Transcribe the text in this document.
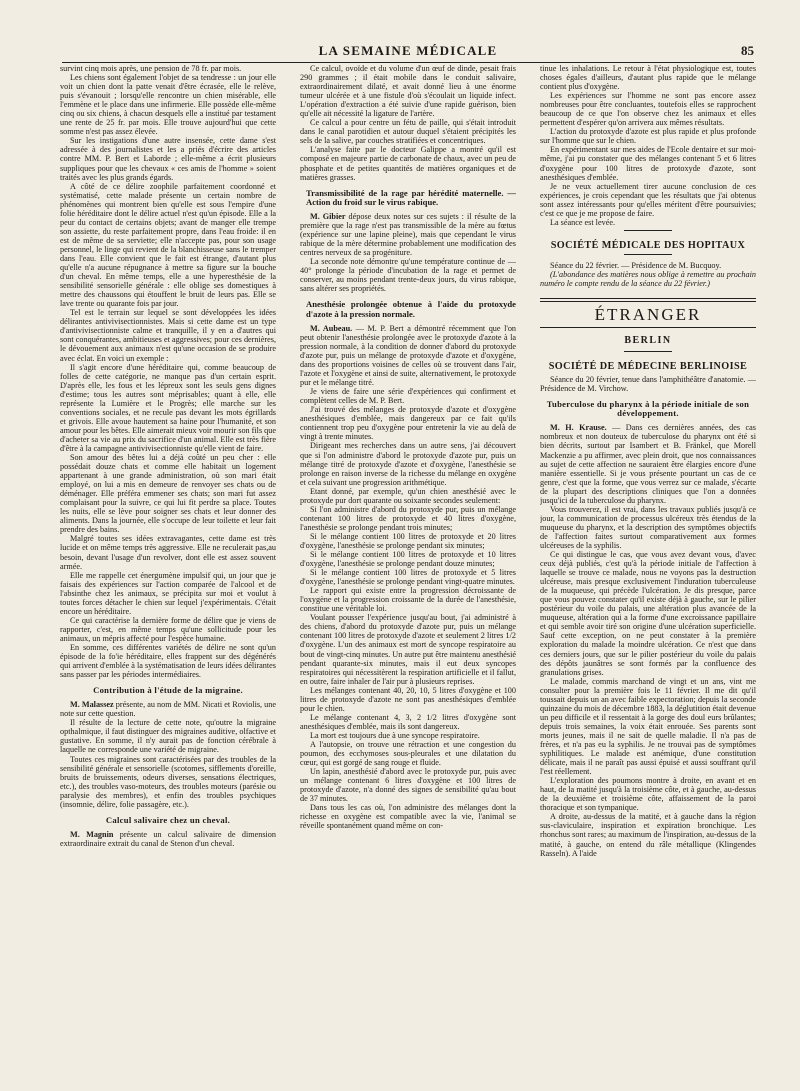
LA SEMAINE MÉDICALE	85

survint cinq mois après, une pension de 78 fr. par mois.

Les chiens sont également l'objet de sa tendresse : un jour elle voit un chien dont la patte venait d'être écrasée, elle le relève, puis s'évanouit ; lorsqu'elle rencontre un chien misérable, elle l'emmène et le place dans une infirmerie. Elle possède elle-même cinq ou six chiens, à chacun desquels elle a institué par testament une rente de 25 fr. par mois. Elle trouve aujourd'hui que cette somme n'est pas assez élevée.

Sur les instigations d'une autre insensée, cette dame s'est adressée à des journalistes et les a priés d'écrire des articles contre MM. P. Bert et Laborde ; elle-même a écrit plusieurs suppliques pour que les chevaux « ces amis de l'homme » soient traités avec les plus grands égards.

A côté de ce délire zoophile parfaitement coordonné et systématisé, cette malade présente un certain nombre de phénomènes qui montrent bien qu'elle est sous l'empire d'une folie héréditaire dont le délire actuel n'est qu'un épisode. Elle a la peur du contact de certains objets; avant de manger elle trempe son assiette, du reste parfaitement propre, dans l'eau froide: il en est de même de sa serviette; elle n'accepte pas, pour son usage personnel, le linge qui revient de la blanchisseuse sans le tremper dans l'eau. Elle convient que le fait est étrange, d'autant plus qu'elle n'a aucune répugnance à mettre sa figure sur la bouche d'un cheval. En même temps, elle a une hyperesthésie de la sensibilité sensorielle générale : elle oblige ses domestiques à mettre des chaussons qui étouffent le bruit de leurs pas. Elle se lave trente ou quarante fois par jour.

Tel est le terrain sur lequel se sont développées les idées délirantes antivivisectionnistes. Mais si cette dame est un type d'antivivisectionniste calme et tranquille, il y en a d'autres qui sont conquérantes, ambitieuses et aggressives; pour ces dernières, le dévouement aux animaux n'est qu'une occasion de se produire avec éclat. En voici un exemple :

Il s'agit encore d'une héréditaire qui, comme beaucoup de folles de cette catégorie, ne manque pas d'un certain esprit. D'après elle, les fous et les lépreux sont les seuls gens dignes d'estime; tous les autres sont méprisables; quant à elle, elle représente la Lumière et le Progrès; elle marche sur les conventions sociales, et ne recule pas devant les mots égrillards et grivois. Elle avoue hautement sa haine pour l'humanité, et son amour pour les bêtes. Elle aimerait mieux voir mourir son fils que d'acheter sa vie au prix du sacrifice d'un animal. Elle est très fière d'être à la campagne antivivisectionniste qu'elle vient de faire.

Son amour des bêtes lui a déjà coûté un peu cher : elle possédait douze chats et comme elle habitait un logement appartenant à une grande administration, où son mari était employé, on lui a mis en demeure de renvoyer ses chats ou de déménager. Elle préféra emmener ses chats; son mari fut assez complaisant pour la suivre, ce qui lui fit perdre sa place. Toutes les nuits, elle se lève pour soigner ses chats et leur donner des aliments. Dans la journée, elle s'occupe de leur toilette et leur fait prendre des bains.

Malgré toutes ses idées extravagantes, cette dame est très lucide et on même temps très aggressive. Elle ne reculerait pas,au besoin, devant l'usage d'un revolver, dont elle est assez souvent armée.

Elle me rappelle cet énergumène impulsif qui, un jour que je faisais des expériences sur l'action comparée de l'alcool et de l'absinthe chez les animaux, se précipita sur moi et voulut à toutes forces détacher le chien sur lequel j'expérimentais. C'était encore un héréditaire.

Ce qui caractérise la dernière forme de délire que je viens de rapporter, c'est, en même temps qu'une sollicitude pour les animaux, un mépris affecté pour l'espèce humaine.

En somme, ces différentes variétés de délire ne sont qu'un épisode de la fo'ie héréditaire, elles frappent sur des dégénérés qui arrivent d'emblée à la systématisation de leurs idées délirantes sans passer par les périodes intermédiaires.

Contribution à l'étude de la migraine.

M. Malassez présente, au nom de MM. Nicati et Roviolis, une note sur cette question.

Il résulte de la lecture de cette note, qu'outre la migraine opthalmique, il faut distinguer des migraines auditive, olfactive et gustative. En somme, il n'y aurait pas de fonction cérébrale à laquelle ne corresponde une variété de migraine.

Toutes ces migraines sont caractérisées par des troubles de la sensibilité générale et sensorielle (scotomes, sifflements d'oreille, bruits de bruissements, odeurs diverses, sensations électriques, etc.), des troubles vaso-moteurs, des troubles moteurs (parésie ou paralysie des membres), et enfin des troubles psychiques (insomnie, délire, folie passagère, etc.).

Calcul salivaire chez un cheval.

M. Magnin présente un calcul salivaire de dimension extraordinaire extrait du canal de Stenon d'un cheval.

Ce calcul, ovoïde et du volume d'un œuf de dinde, pesait frais 290 grammes ; il était mobile dans le conduit salivaire, extraordinairement dilaté, et avait donné lieu à une énorme tumeur ulcérée et à une fistule d'où s'écoulait un liquide infect. L'opération d'extraction a été suivie d'une rapide guérison, bien qu'elle ait nécessité la ligature de l'artère.

Ce calcul a pour centre un fétu de paille, qui s'était introduit dans le canal parotidien et autour duquel s'étaient précipités les sels de la salive, par couches stratifiées et concentriques.

L'analyse faite par le docteur Galippe a montré qu'il est composé en majeure partie de carbonate de chaux, avec un peu de phosphate et de petites quantités de matières organiques et de matières grasses.

Transmissibilité de la rage par hérédité maternelle. — Action du froid sur le virus rabique.

M. Gibier dépose deux notes sur ces sujets : il résulte de la première que la rage n'est pas transmissible de la mère au fœtus (expérience sur une lapine pleine), mais que cependant le virus rabique de la mère détermine probablement une modification des centres nerveux de sa progéniture.

La seconde note démontre qu'une température continue de — 40° prolonge la période d'incubation de la rage et permet de conserver, au moins pendant trente-deux jours, du virus rabique, sans altérer ses propriétés.

Anesthésie prolongée obtenue à l'aide du protoxyde d'azote à la pression normale.

M. Aubeau. — M. P. Bert a démontré récemment que l'on peut obtenir l'anesthésie prolongée avec le protoxyde d'azote à la pression normale, à la condition de donner d'abord du protoxyde d'azote pur, puis un mélange de protoxyde d'azote et d'oxygène, dans des proportions voisines de celles où se trouvent dans l'air, l'azote et l'oxygène et ainsi de suite, alternativement, le protoxyde pur et le mélange titré.

Je viens de faire une série d'expériences qui confirment et complètent celles de M. P. Bert.

J'ai trouvé des mélanges de protoxyde d'azote et d'oxygène anesthésiques d'emblée, mais dangereux par ce fait qu'ils contiennent trop peu d'oxygène pour entretenir la vie au delà de vingt à trente minutes.

Dirigeant mes recherches dans un autre sens, j'ai découvert que si l'on administre d'abord le protoxyde d'azote pur, puis un mélange titré de protoxyde d'azote et d'oxygène, l'anesthésie se prolonge en raison inverse de la richesse du mélange en oxygène et cela suivant une progression arithmétique.

Etant donné, par exemple, qu'un chien anesthésié avec le protoxyde pur dort quarante ou soixante secondes seulement:

Si l'on administre d'abord du protoxyde pur, puis un mélange contenant 100 litres de protoxyde et 40 litres d'oxygène, l'anesthésie se prolonge pendant trois minutes;

Si le mélange contient 100 litres de protoxyde et 20 litres d'oxygène, l'anesthésie se prolonge pendant six minutes;

Si le mélange contient 100 litres de protoxyde et 10 litres d'oxygène, l'anesthésie se prolonge pendant douze minutes;

Si le mélange contient 100 litres de protoxyde et 5 litres d'oxygène, l'anesthésie se prolonge pendant vingt-quatre minutes.

Le rapport qui existe entre la progression décroissante de l'oxygène et la progression croissante de la durée de l'anesthésie, constitue une véritable loi.

Voulant pousser l'expérience jusqu'au bout, j'ai administré à des chiens, d'abord du protoxyde d'azote pur, puis un mélange contenant 100 litres de protoxyde d'azote et seulement 2 litres 1/2 d'oxygène. L'un des animaux est mort de syncope respiratoire au bout de vingt-cinq minutes. Un autre put être maintenu anesthésié pendant quarante-six minutes, mais il eut deux syncopes respiratoires qui nécessitèrent la respiration artificielle et il fallut, en outre, faire inhaler de l'air pur à plusieurs reprises.

Les mélanges contenant 40, 20, 10, 5 litres d'oxygène et 100 litres de protoxyde d'azote ne sont pas anesthésiques d'emblée pour le chien.

Le mélange contenant 4, 3, 2 1/2 litres d'oxygène sont anesthésiques d'emblée, mais ils sont dangereux.

La mort est toujours due à une syncope respiratoire.

A l'autopsie, on trouve une rétraction et une congestion du poumon, des ecchymoses sous-pleurales et une dilatation du cœur, qui est gorgé de sang rouge et fluide.

Un lapin, anesthésié d'abord avec le protoxyde pur, puis avec un mélange contenant 6 litres d'oxygène et 100 litres de protoxyde d'azote, n'a donné des signes de sensibilité qu'au bout de 37 minutes.

Dans tous les cas où, l'on administre des mélanges dont la richesse en oxygène est compatible avec la vie, l'animal se réveille spontanément quand même on con-

tinue les inhalations. Le retour à l'état physiologique est, toutes choses égales d'ailleurs, d'autant plus rapide que le mélange contient plus d'oxygène.

Les expériences sur l'homme ne sont pas encore assez nombreuses pour être concluantes, toutefois elles se rapprochent beaucoup de ce que l'on observe chez les animaux et elles permettent d'espérer qu'on arrivera aux mêmes résultats.

L'action du protoxyde d'azote est plus rapide et plus profonde sur l'homme que sur le chien.

En expérimentant sur mes aides de l'Ecole dentaire et sur moi-même, j'ai pu constater que des mélanges contenant 5 et 6 litres d'oxygène pour 100 litres de protoxyde d'azote, sont anesthésiques d'emblée.

Je ne veux actuellement tirer aucune conclusion de ces expériences, je crois cependant que les résultats que j'ai obtenus sont assez intéressants pour qu'elles méritent d'être poursuivies; c'est ce que je me propose de faire.

La séance est levée.

SOCIÉTÉ MÉDICALE DES HOPITAUX

Séance du 22 février. — Présidence de M. Bucquoy.

(L'abondance des matières nous oblige à remettre au prochain numéro le compte rendu de la séance du 22 février.)

ÉTRANGER
BERLIN
SOCIÉTÉ DE MÉDECINE BERLINOISE

Séance du 20 février, tenue dans l'amphithéâtre d'anatomie. — Présidence de M. Virchow.

Tuberculose du pharynx à la période initiale de son développement.

M. H. Krause. — Dans ces dernières années, des cas nombreux et non douteux de tuberculose du pharynx ont été si bien décrits, surtout par Isambert et B. Fränkel, que Morell Mackenzie a pu affirmer, avec plein droit, que nos connaissances au sujet de cette affection ne sauraient être élargies encore d'une manière essentielle. Si je vous présente pourtant un cas de ce genre, c'est que la forme, que vous verrez sur ce malade, s'écarte de la plupart des descriptions cliniques que l'on a données jusqu'ici de la tuberculose du pharynx.

Vous trouverez, il est vrai, dans les travaux publiés jusqu'à ce jour, la communication de processus ulcéreux très étendus de la muqueuse du pharynx, et la description des symptômes objectifs de l'affection faites surtout comparativement aux formes ulcéreuses de la syphilis.

Ce qui distingue le cas, que vous avez devant vous, d'avec ceux déjà publiés, c'est qu'à la période initiale de l'affection à laquelle se trouve ce malade, nous ne voyons pas la destruction ulcéreuse, mais presque exclusivement l'induration tuberculeuse de la muqueuse, qui précède l'ulcération. Je dis presque, parce que vous pouvez constater qu'il existe déjà à gauche, sur le pilier postérieur du voile du palais, une altération plus avancée de la muqueuse, altération qui a la forme d'une excroissance papillaire et qui semble avoir tiré son origine d'une ulcération superficielle. Sauf cette exception, on ne peut constater à la première exploration du malade la moindre ulcération. Ce n'est que dans ces derniers jours, que sur le pilier postérieur du voile du palais des dépôts jaunâtres se sont formés par la confluence des granulations grises.

Le malade, commis marchand de vingt et un ans, vint me consulter pour la première fois le 11 février. Il me dit qu'il toussait depuis un an avec faible expectoration; depuis la seconde quinzaine du mois de décembre 1883, la déglutition était devenue un peu difficile et il ressentait à la gorge des doul eurs brûlantes; depuis trois semaines, la voix était enrouée. Ses parents sont morts jeunes, mais il ne sait de quelle maladie. Il n'a pas de frères, et n'a pas eu la syphilis. Je ne trouvai pas de symptômes syphilitiques. Le malade est anémique, d'une constitution délicate, mais il ne paraît pas aussi épuisé et aussi souffrant qu'il l'est réellement.

L'exploration des poumons montre à droite, en avant et en haut, de la matité jusqu'à la troisième côte, et à gauche, au-dessus de la deuxième et troisième côte, affaissement de la paroi thoracique et son tympanique.

A droite, au-dessus de la matité, et à gauche dans la région sus-claviculaire, inspiration et expiration bronchique. Les rhonchus sont rares; au maximum de l'inspiration, au-dessus de la matité, à gauche, on entend du râle métallique (Klingendes Rasseln). A l'aide
